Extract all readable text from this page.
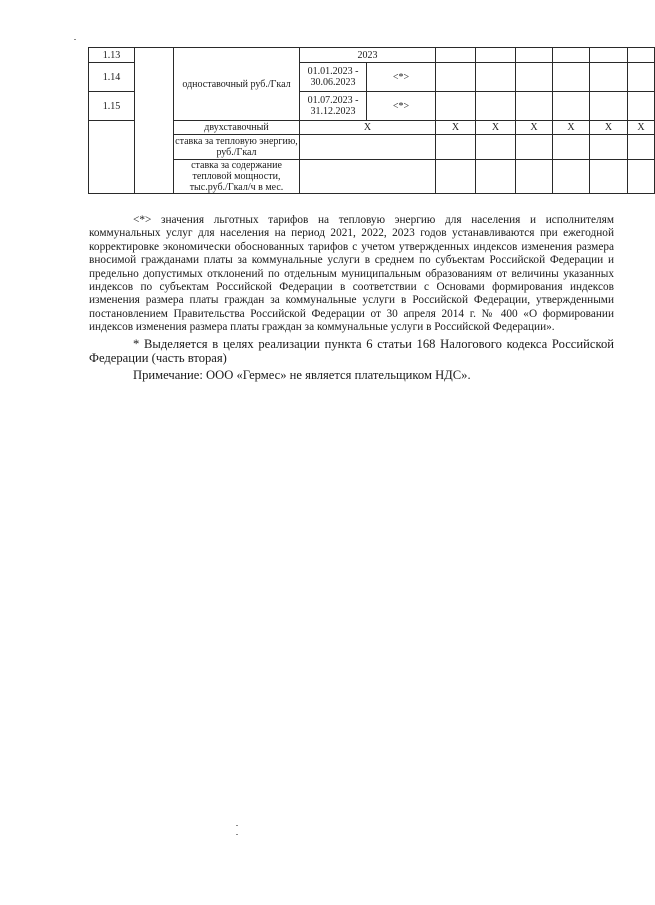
1.13		одноставочный руб./Гкал	2023							
1.14			01.01.2023 - 30.06.2023	<*>						
1.15			01.07.2023 - 31.12.2023	<*>						
		двухставочный	X		X	X	X	X	X	X
		ставка за тепловую энергию, руб./Гкал								
		ставка за содержание тепловой мощности, тыс.руб./Гкал/ч в мес.								

<*> значения льготных тарифов на тепловую энергию для населения и исполнителям коммунальных услуг для населения на период 2021, 2022, 2023 годов устанавливаются при ежегодной корректировке экономически обоснованных тарифов с учетом утвержденных индексов изменения размера вносимой гражданами платы за коммунальные услуги в среднем по субъектам Российской Федерации и предельно допустимых отклонений по отдельным муниципальным образованиям от величины указанных индексов по субъектам Российской Федерации в соответствии с Основами формирования индексов изменения размера платы граждан за коммунальные услуги в Российской Федерации, утвержденными постановлением Правительства Российской Федерации от 30 апреля 2014 г. № 400 «О формировании индексов изменения размера платы граждан за коммунальные услуги в Российской Федерации».

* Выделяется в целях реализации пункта 6 статьи 168 Налогового кодекса Российской Федерации (часть вторая)

Примечание: ООО «Гермес» не является плательщиком НДС».
